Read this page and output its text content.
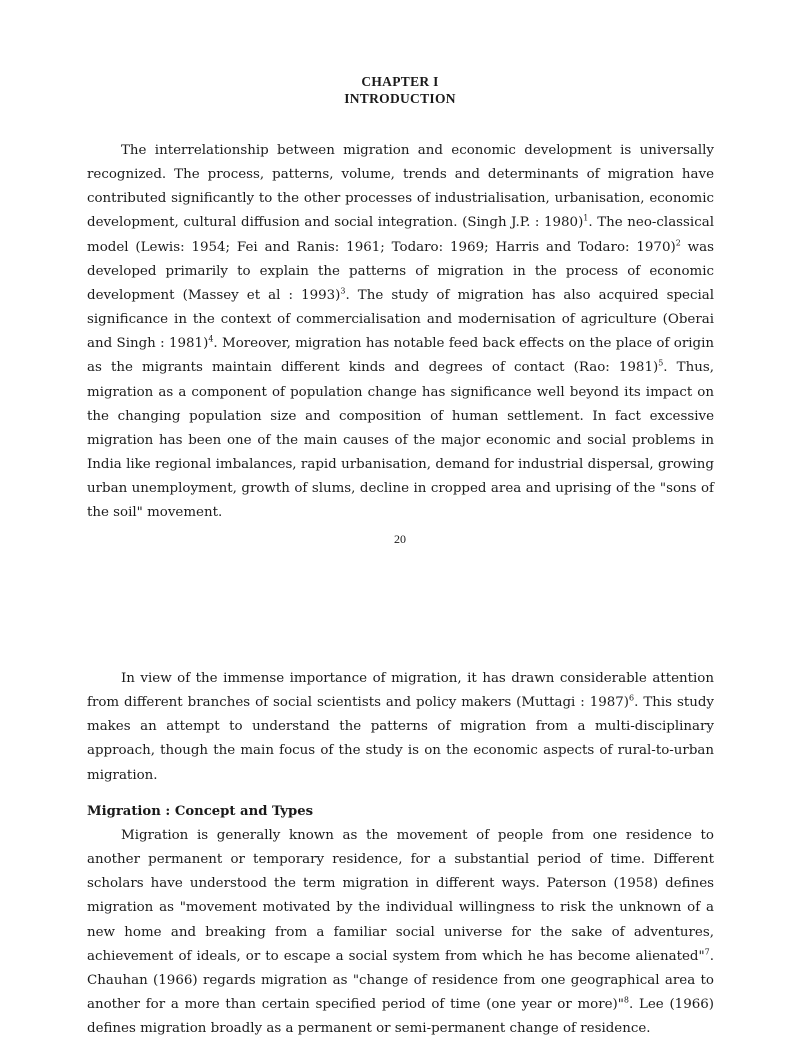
CHAPTER I
INTRODUCTION

The interrelationship between migration and economic development is universally recognized. The process, patterns, volume, trends and determinants of migration have contributed significantly to the other processes of industrialisation, urbanisation, economic development, cultural diffusion and social integration. (Singh J.P. : 1980)$^1$. The neo-classical model (Lewis: 1954; Fei and Ranis: 1961; Todaro: 1969; Harris and Todaro: 1970)$^2$ was developed primarily to explain the patterns of migration in the process of economic development (Massey et al : 1993)$^3$. The study of migration has also acquired special significance in the context of commercialisation and modernisation of agriculture (Oberai and Singh : 1981)$^4$. Moreover, migration has notable feed back effects on the place of origin as the migrants maintain different kinds and degrees of contact (Rao: 1981)$^5$. Thus, migration as a component of population change has significance well beyond its impact on the changing population size and composition of human settlement. In fact excessive migration has been one of the main causes of the major economic and social problems in India like regional imbalances, rapid urbanisation, demand for industrial dispersal, growing urban unemployment, growth of slums, decline in cropped area and uprising of the "sons of the soil" movement.

20

In view of the immense importance of migration, it has drawn considerable attention from different branches of social scientists and policy makers (Muttagi : 1987)$^6$. This study makes an attempt to understand the patterns of migration from a multi-disciplinary approach, though the main focus of the study is on the economic aspects of rural-to-urban migration.

Migration : Concept and Types

Migration is generally known as the movement of people from one residence to another permanent or temporary residence, for a substantial period of time. Different scholars have understood the term migration in different ways. Paterson (1958) defines migration as "movement motivated by the individual willingness to risk the unknown of a new home and breaking from a familiar social universe for the sake of adventures, achievement of ideals, or to escape a social system from which he has become alienated"$^7$. Chauhan (1966) regards migration as "change of residence from one geographical area to another for a more than certain specified period of time (one year or more)"$^8$. Lee (1966) defines migration broadly as a permanent or semi-permanent change of residence.
